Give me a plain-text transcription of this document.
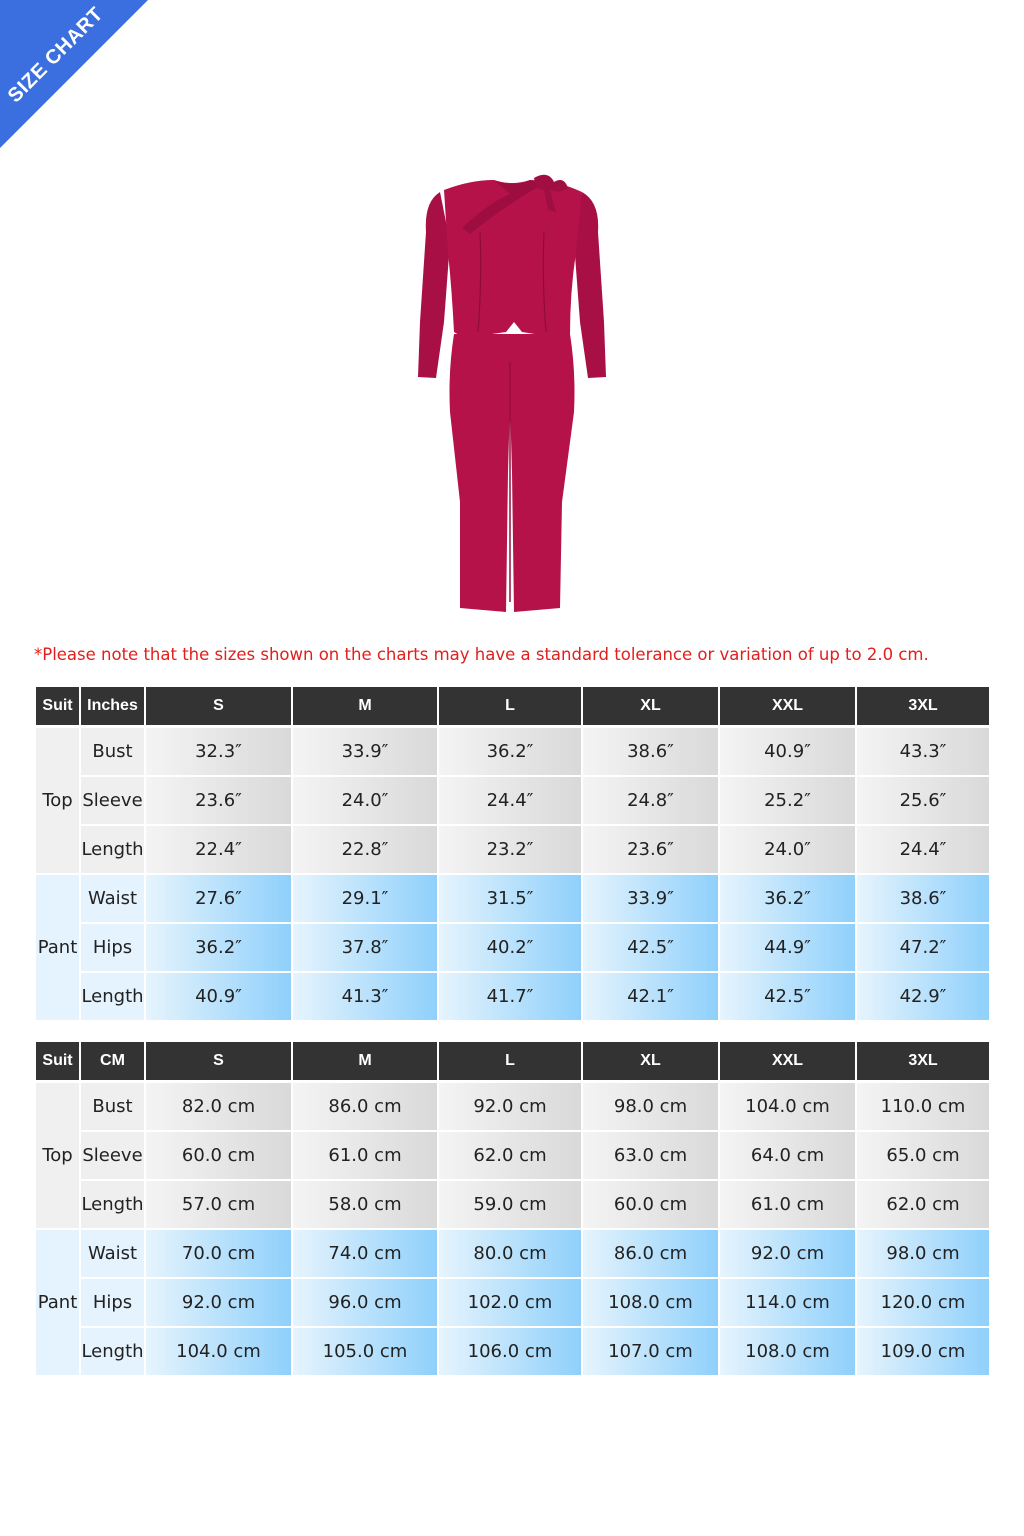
SIZE CHART
*Please note that the sizes shown on the charts may have a standard tolerance or variation of up to 2.0 cm.
Suit	Inches	S	M	L	XL	XXL	3XL
Top	Bust	32.3″	33.9″	36.2″	38.6″	40.9″	43.3″
	Sleeve	23.6″	24.0″	24.4″	24.8″	25.2″	25.6″
	Length	22.4″	22.8″	23.2″	23.6″	24.0″	24.4″
Pant	Waist	27.6″	29.1″	31.5″	33.9″	36.2″	38.6″
	Hips	36.2″	37.8″	40.2″	42.5″	44.9″	47.2″
	Length	40.9″	41.3″	41.7″	42.1″	42.5″	42.9″
Suit	CM	S	M	L	XL	XXL	3XL
Top	Bust	82.0 cm	86.0 cm	92.0 cm	98.0 cm	104.0 cm	110.0 cm
	Sleeve	60.0 cm	61.0 cm	62.0 cm	63.0 cm	64.0 cm	65.0 cm
	Length	57.0 cm	58.0 cm	59.0 cm	60.0 cm	61.0 cm	62.0 cm
Pant	Waist	70.0 cm	74.0 cm	80.0 cm	86.0 cm	92.0 cm	98.0 cm
	Hips	92.0 cm	96.0 cm	102.0 cm	108.0 cm	114.0 cm	120.0 cm
	Length	104.0 cm	105.0 cm	106.0 cm	107.0 cm	108.0 cm	109.0 cm
